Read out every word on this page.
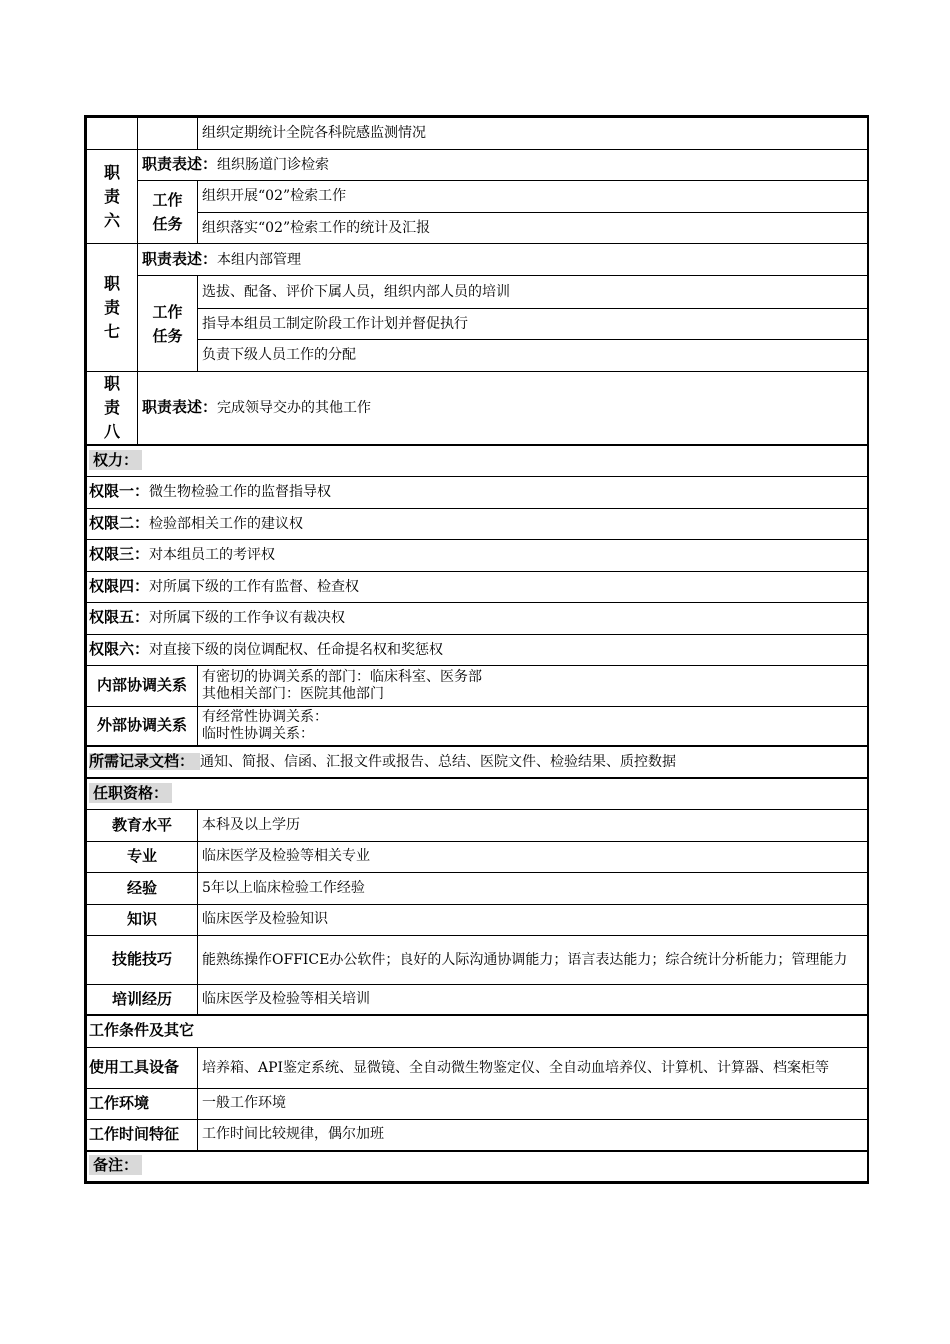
		组织定期统计全院各科院感监测情况
职
责
六	职责表述：组织肠道门诊检索	
	工作
任务	组织开展“02”检索工作
		组织落实“02”检索工作的统计及汇报
职
责
七	职责表述：本组内部管理	
	工作
任务	选拔、配备、评价下属人员，组织内部人员的培训
		指导本组员工制定阶段工作计划并督促执行
		负责下级人员工作的分配
职
责
八	职责表述：完成领导交办的其他工作	
权力：		
权限一：微生物检验工作的监督指导权		
权限二：检验部相关工作的建议权		
权限三：对本组员工的考评权		
权限四：对所属下级的工作有监督、检查权		
权限五：对所属下级的工作争议有裁决权		
权限六：对直接下级的岗位调配权、任命提名权和奖惩权		
内部协调关系		有密切的协调关系的部门：临床科室、医务部
其他相关部门：医院其他部门

外部协调关系		有经常性协调关系：
临时性协调关系：

所需记录文档： 通知、简报、信函、汇报文件或报告、总结、医院文件、检验结果、质控数据		
任职资格：		
教育水平		本科及以上学历
专业		临床医学及检验等相关专业
经验		5年以上临床检验工作经验
知识		临床医学及检验知识
技能技巧		能熟练操作OFFICE办公软件；良好的人际沟通协调能力；语言表达能力；综合统计分析能力；管理能力
培训经历		临床医学及检验等相关培训
工作条件及其它		
使用工具设备		培养箱、API鉴定系统、显微镜、全自动微生物鉴定仪、全自动血培养仪、计算机、计算器、档案柜等
工作环境		一般工作环境
工作时间特征		工作时间比较规律，偶尔加班
备注：		
